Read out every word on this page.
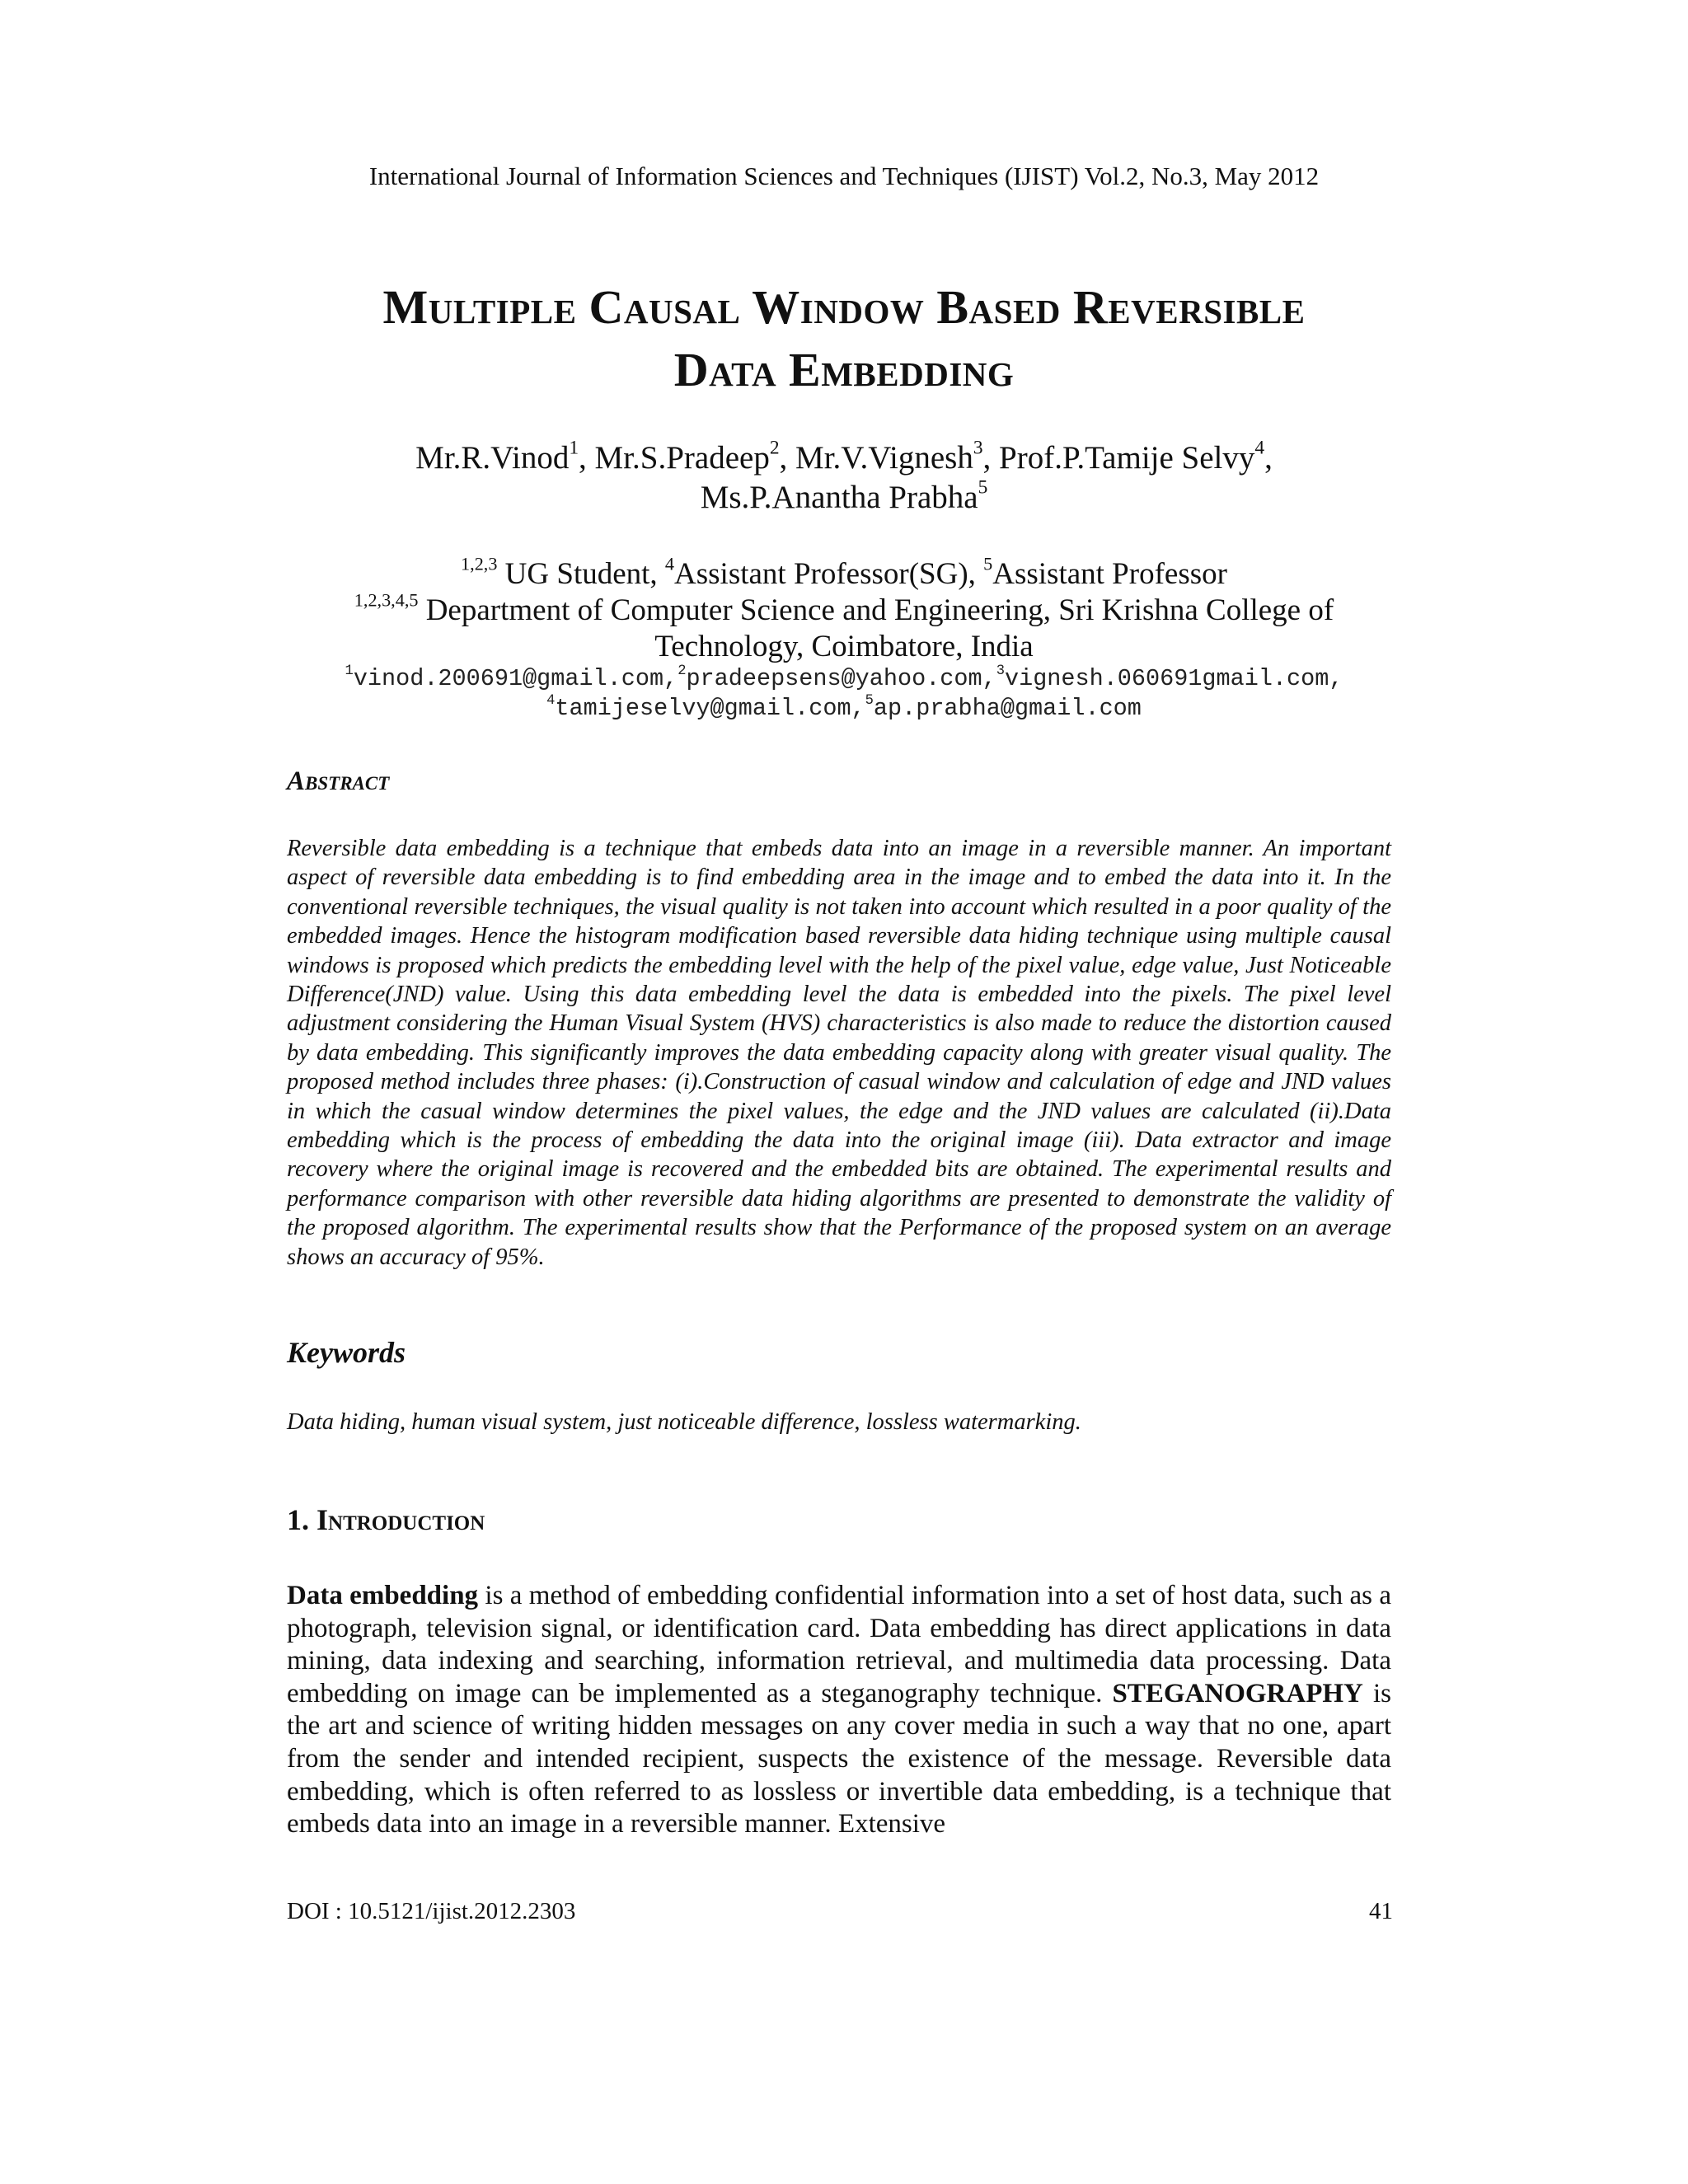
International Journal of Information Sciences and Techniques (IJIST) Vol.2, No.3, May 2012
Multiple Causal Window Based Reversible
Data Embedding
Mr.R.Vinod$^1$, Mr.S.Pradeep$^2$, Mr.V.Vignesh$^3$, Prof.P.Tamije Selvy$^4$,
Ms.P.Anantha Prabha$^5$
$^{1,2,3}$ UG Student, $^4$Assistant Professor(SG), $^5$Assistant Professor
$^{1,2,3,4,5}$ Department of Computer Science and Engineering, Sri Krishna College of
Technology, Coimbatore, India
$^1$vinod.200691@gmail.com,$^2$pradeepsens@yahoo.com,$^3$vignesh.060691gmail.com,
$^4$tamijeselvy@gmail.com,$^5$ap.prabha@gmail.com
Abstract
Reversible data embedding is a technique that embeds data into an image in a reversible manner. An important aspect of reversible data embedding is to find embedding area in the image and to embed the data into it. In the conventional reversible techniques, the visual quality is not taken into account which resulted in a poor quality of the embedded images. Hence the histogram modification based reversible data hiding technique using multiple causal windows is proposed which predicts the embedding level with the help of the pixel value, edge value, Just Noticeable Difference(JND) value. Using this data embedding level the data is embedded into the pixels. The pixel level adjustment considering the Human Visual System (HVS) characteristics is also made to reduce the distortion caused by data embedding. This significantly improves the data embedding capacity along with greater visual quality. The proposed method includes three phases: (i).Construction of casual window and calculation of edge and JND values in which the casual window determines the pixel values, the edge and the JND values are calculated (ii).Data embedding which is the process of embedding the data into the original image (iii). Data extractor and image recovery where the original image is recovered and the embedded bits are obtained. The experimental results and performance comparison with other reversible data hiding algorithms are presented to demonstrate the validity of the proposed algorithm. The experimental results show that the Performance of the proposed system on an average shows an accuracy of 95%.
Keywords
Data hiding, human visual system, just noticeable difference, lossless watermarking.
1. Introduction
Data embedding is a method of embedding confidential information into a set of host data, such as a photograph, television signal, or identification card. Data embedding has direct applications in data mining, data indexing and searching, information retrieval, and multimedia data processing. Data embedding on image can be implemented as a steganography technique. STEGANOGRAPHY is the art and science of writing hidden messages on any cover media in such a way that no one, apart from the sender and intended recipient, suspects the existence of the message. Reversible data embedding, which is often referred to as lossless or invertible data embedding, is a technique that embeds data into an image in a reversible manner. Extensive
DOI : 10.5121/ijist.2012.2303	41
